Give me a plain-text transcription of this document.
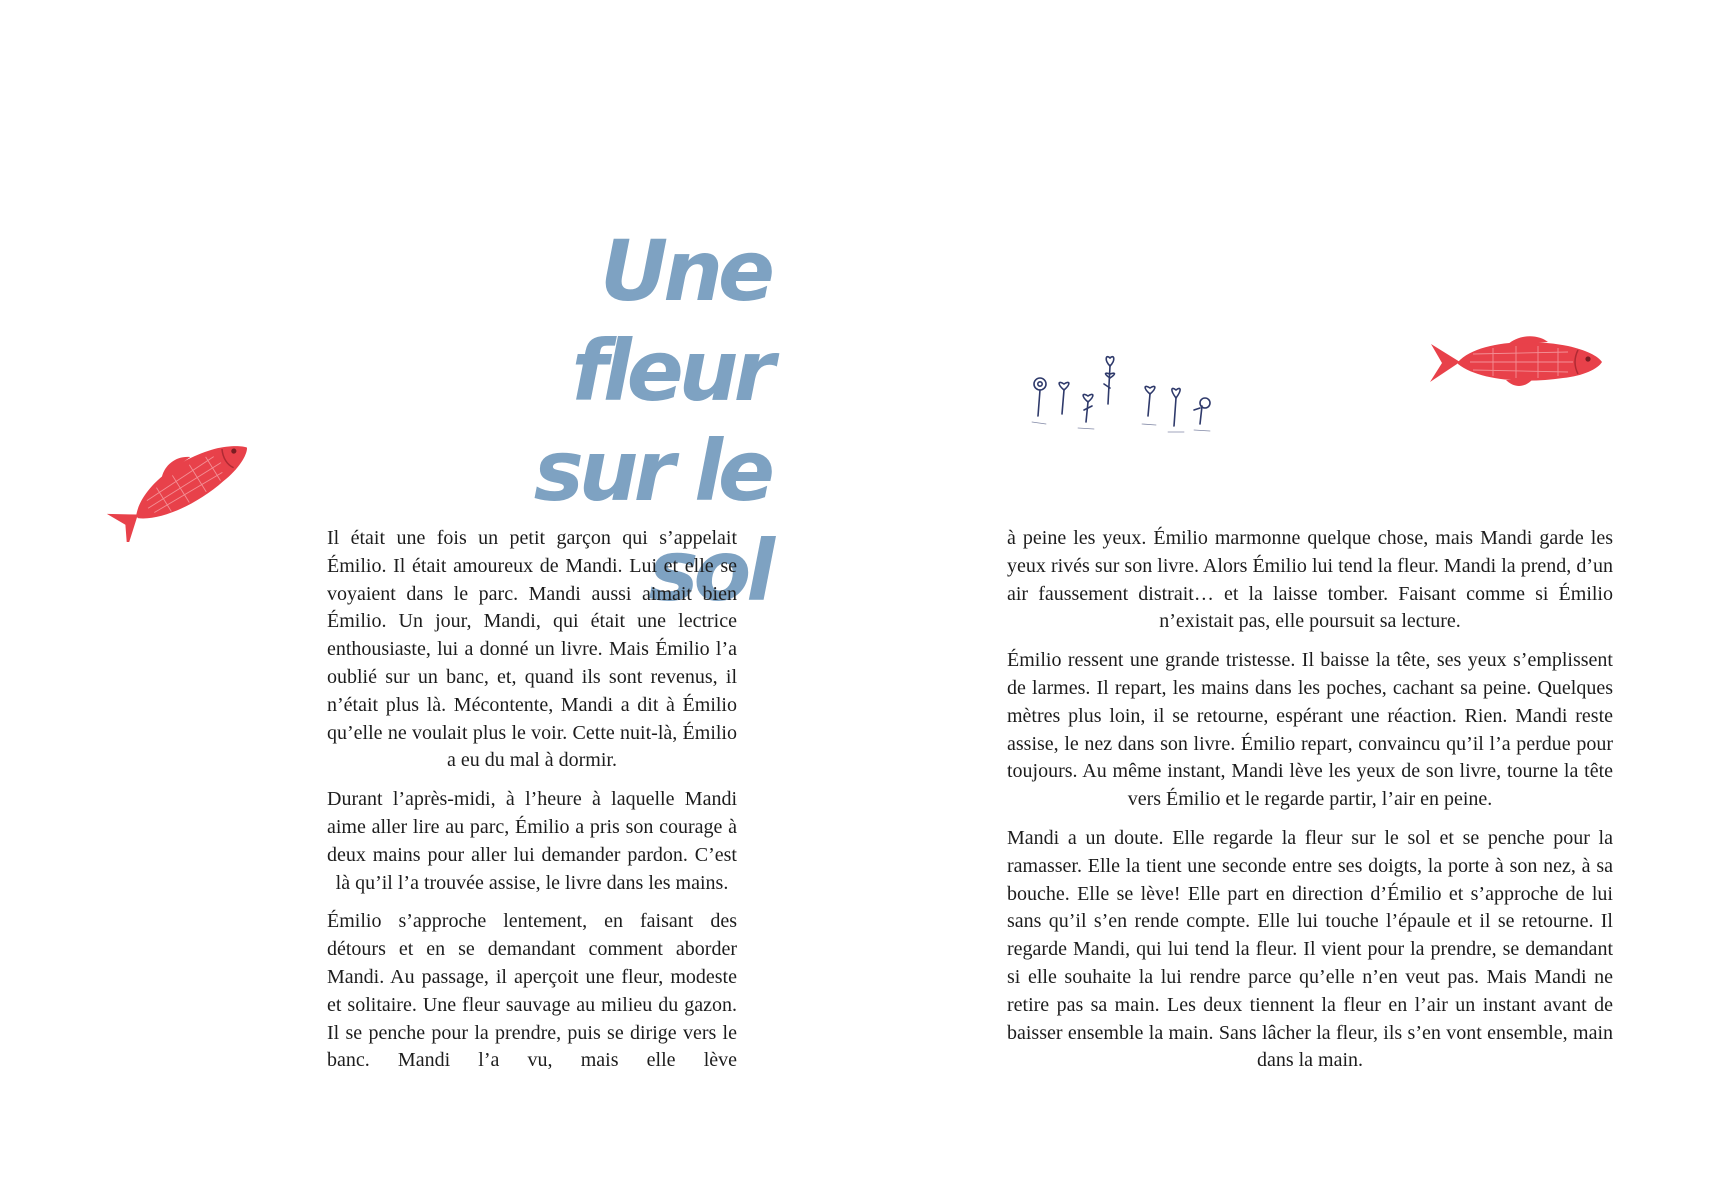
Une fleur
sur le sol

Il était une fois un petit garçon qui s’appelait Émilio. Il était amoureux de Mandi. Lui et elle se voyaient dans le parc. Mandi aussi aimait bien Émilio. Un jour, Mandi, qui était une lectrice enthousiaste, lui a donné un livre. Mais Émilio l’a oublié sur un banc, et, quand ils sont revenus, il n’était plus là. Mécontente, Mandi a dit à Émilio qu’elle ne voulait plus le voir. Cette nuit-là, Émilio a eu du mal à dormir.

Durant l’après-midi, à l’heure à laquelle Mandi aime aller lire au parc, Émilio a pris son courage à deux mains pour aller lui demander pardon. C’est là qu’il l’a trouvée assise, le livre dans les mains.

Émilio s’approche lentement, en faisant des détours et en se demandant comment aborder Mandi. Au passage, il aperçoit une fleur, modeste et solitaire. Une fleur sauvage au milieu du gazon. Il se penche pour la prendre, puis se dirige vers le banc. Mandi l’a vu, mais elle lève

à peine les yeux. Émilio marmonne quelque chose, mais Mandi garde les yeux rivés sur son livre. Alors Émilio lui tend la fleur. Mandi la prend, d’un air faussement distrait… et la laisse tomber. Faisant comme si Émilio n’existait pas, elle poursuit sa lecture.

Émilio ressent une grande tristesse. Il baisse la tête, ses yeux s’emplissent de larmes. Il repart, les mains dans les poches, cachant sa peine. Quelques mètres plus loin, il se retourne, espérant une réaction. Rien. Mandi reste assise, le nez dans son livre. Émilio repart, convaincu qu’il l’a perdue pour toujours. Au même instant, Mandi lève les yeux de son livre, tourne la tête vers Émilio et le regarde partir, l’air en peine.

Mandi a un doute. Elle regarde la fleur sur le sol et se penche pour la ramasser. Elle la tient une seconde entre ses doigts, la porte à son nez, à sa bouche. Elle se lève! Elle part en direction d’Émilio et s’approche de lui sans qu’il s’en rende compte. Elle lui touche l’épaule et il se retourne. Il regarde Mandi, qui lui tend la fleur. Il vient pour la prendre, se demandant si elle souhaite la lui rendre parce qu’elle n’en veut pas. Mais Mandi ne retire pas sa main. Les deux tiennent la fleur en l’air un instant avant de baisser ensemble la main. Sans lâcher la fleur, ils s’en vont ensemble, main dans la main.
